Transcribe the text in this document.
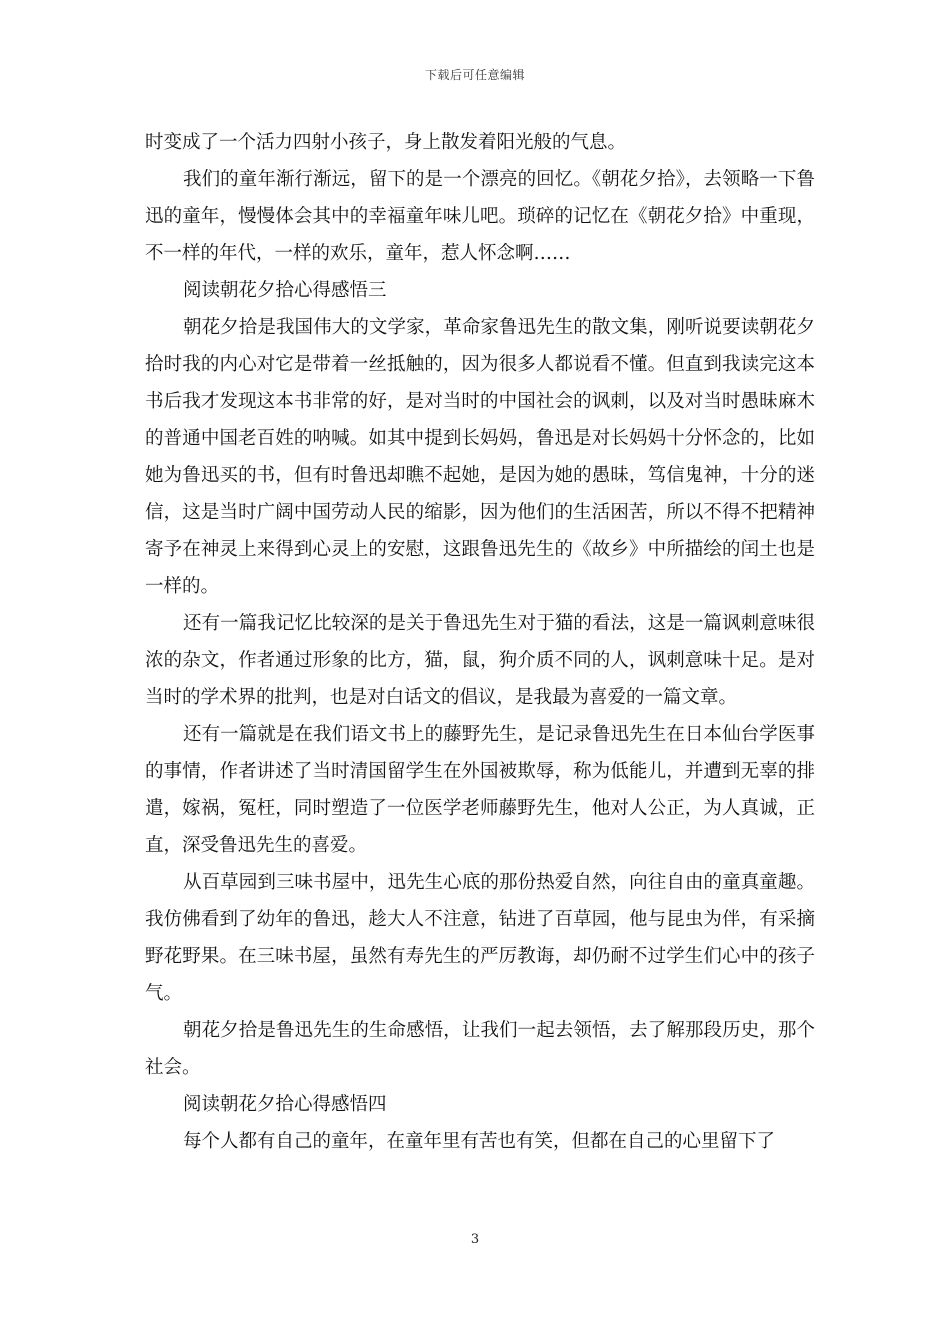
下载后可任意编辑

时变成了一个活力四射小孩子，身上散发着阳光般的气息。

我们的童年渐行渐远，留下的是一个漂亮的回忆。《朝花夕拾》，去领略一下鲁迅的童年，慢慢体会其中的幸福童年味儿吧。琐碎的记忆在《朝花夕拾》中重现，不一样的年代，一样的欢乐，童年，惹人怀念啊……

阅读朝花夕拾心得感悟三

朝花夕拾是我国伟大的文学家，革命家鲁迅先生的散文集，刚听说要读朝花夕拾时我的内心对它是带着一丝抵触的，因为很多人都说看不懂。但直到我读完这本书后我才发现这本书非常的好，是对当时的中国社会的讽刺，以及对当时愚昧麻木的普通中国老百姓的呐喊。如其中提到长妈妈，鲁迅是对长妈妈十分怀念的，比如她为鲁迅买的书，但有时鲁迅却瞧不起她，是因为她的愚昧，笃信鬼神，十分的迷信，这是当时广阔中国劳动人民的缩影，因为他们的生活困苦，所以不得不把精神寄予在神灵上来得到心灵上的安慰，这跟鲁迅先生的《故乡》中所描绘的闰土也是一样的。

还有一篇我记忆比较深的是关于鲁迅先生对于猫的看法，这是一篇讽刺意味很浓的杂文，作者通过形象的比方，猫，鼠，狗介质不同的人，讽刺意味十足。是对当时的学术界的批判，也是对白话文的倡议，是我最为喜爱的一篇文章。

还有一篇就是在我们语文书上的藤野先生，是记录鲁迅先生在日本仙台学医事的事情，作者讲述了当时清国留学生在外国被欺辱，称为低能儿，并遭到无辜的排遣，嫁祸，冤枉，同时塑造了一位医学老师藤野先生，他对人公正，为人真诚，正直，深受鲁迅先生的喜爱。

从百草园到三味书屋中，迅先生心底的那份热爱自然，向往自由的童真童趣。我仿佛看到了幼年的鲁迅，趁大人不注意，钻进了百草园，他与昆虫为伴，有采摘野花野果。在三味书屋，虽然有寿先生的严厉教诲，却仍耐不过学生们心中的孩子气。

朝花夕拾是鲁迅先生的生命感悟，让我们一起去领悟，去了解那段历史，那个社会。

阅读朝花夕拾心得感悟四

每个人都有自己的童年，在童年里有苦也有笑，但都在自己的心里留下了

3
